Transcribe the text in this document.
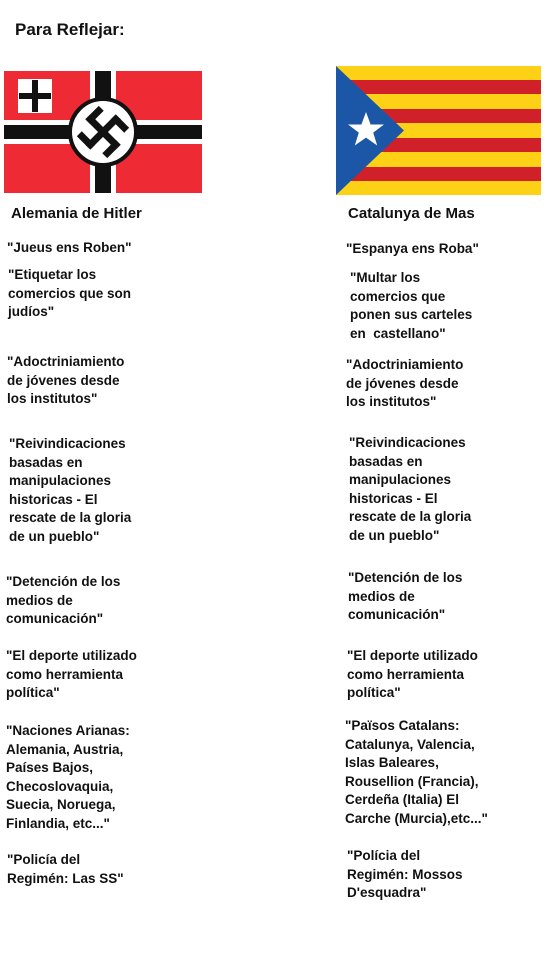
Para Reflejar:
Alemania de Hitler	Catalunya de Mas
"Jueus ens Roben"
"Etiquetar los
comercios que son
judíos"
"Adoctriniamiento
de jóvenes desde
los institutos"
"Reivindicaciones
basadas en
manipulaciones
historicas - El
rescate de la gloria
de un pueblo"
"Detención de los
medios de
comunicación"
"El deporte utilizado
como herramienta
política"
"Naciones Arianas:
Alemania, Austria,
Países Bajos,
Checoslovaquia,
Suecia, Noruega,
Finlandia, etc..."
"Policía del
Regimén: Las SS"
"Espanya ens Roba"
"Multar los
comercios que
ponen sus carteles
en  castellano"
"Adoctriniamiento
de jóvenes desde
los institutos"
"Reivindicaciones
basadas en
manipulaciones
historicas - El
rescate de la gloria
de un pueblo"
"Detención de los
medios de
comunicación"
"El deporte utilizado
como herramienta
política"
"Països Catalans:
Catalunya, Valencia,
Islas Baleares,
Rousellion (Francia),
Cerdeña (Italia) El
Carche (Murcia),etc..."
"Polícia del
Regimén: Mossos
D'esquadra"
